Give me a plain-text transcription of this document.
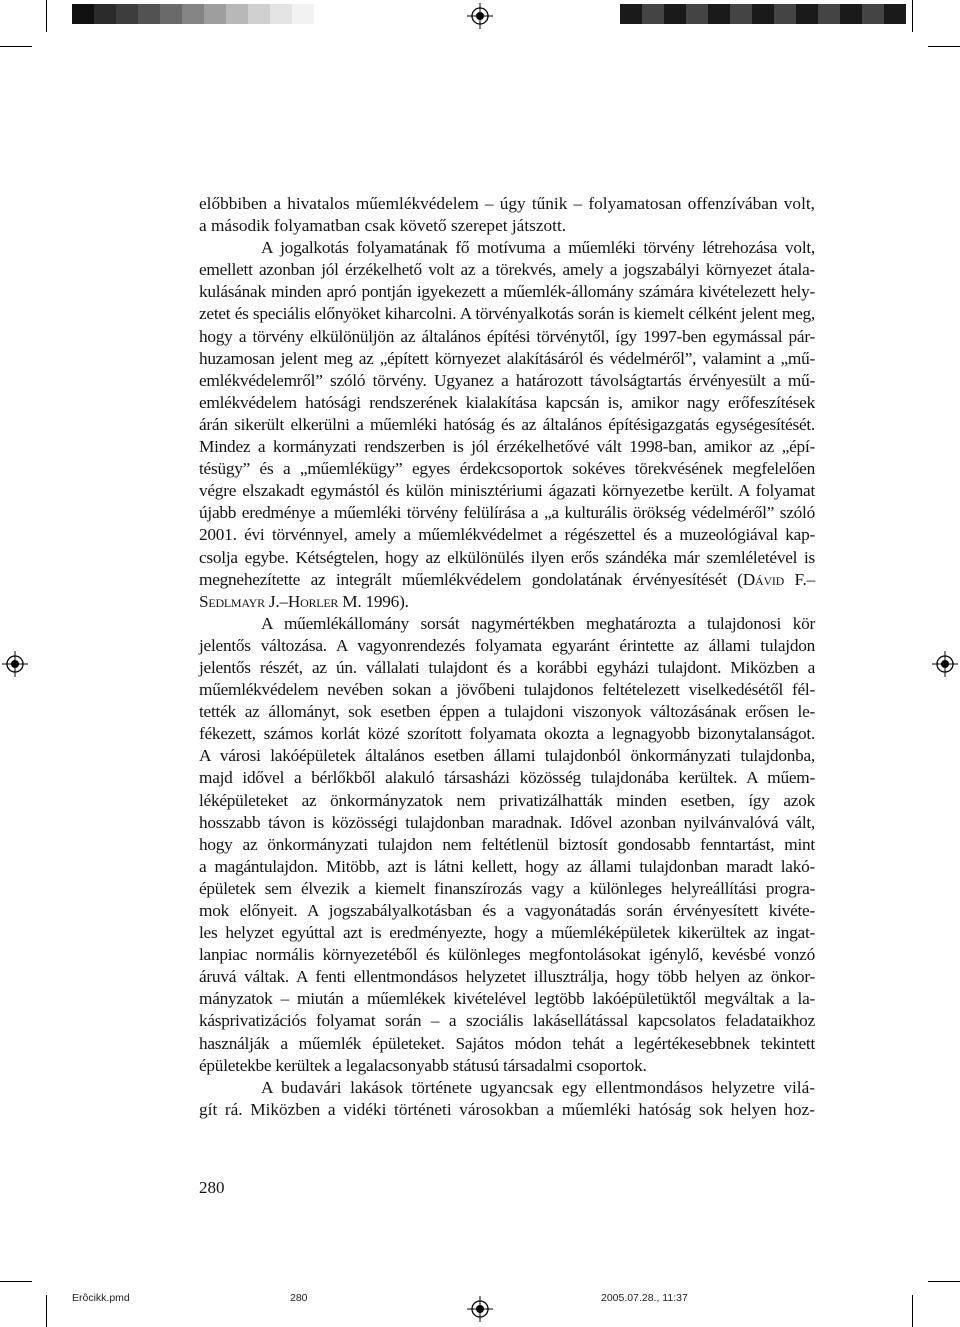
előbbiben a hivatalos műemlékvédelem – úgy tűnik – folyamatosan offenzívában volt,
a második folyamatban csak követő szerepet játszott.
A jogalkotás folyamatának fő motívuma a műemléki törvény létrehozása volt,
emellett azonban jól érzékelhető volt az a törekvés, amely a jogszabályi környezet átala-
kulásának minden apró pontján igyekezett a műemlék-állomány számára kivételezett hely-
zetet és speciális előnyöket kiharcolni. A törvényalkotás során is kiemelt célként jelent meg,
hogy a törvény elkülönüljön az általános építési törvénytől, így 1997-ben egymással pár-
huzamosan jelent meg az „épített környezet alakításáról és védelméről”, valamint a „mű-
emlékvédelemről” szóló törvény. Ugyanez a határozott távolságtartás érvényesült a mű-
emlékvédelem hatósági rendszerének kialakítása kapcsán is, amikor nagy erőfeszítések
árán sikerült elkerülni a műemléki hatóság és az általános építésigazgatás egységesítését.
Mindez a kormányzati rendszerben is jól érzékelhetővé vált 1998-ban, amikor az „épí-
tésügy” és a „műemlékügy” egyes érdekcsoportok sokéves törekvésének megfelelően
végre elszakadt egymástól és külön minisztériumi ágazati környezetbe került. A folyamat
újabb eredménye a műemléki törvény felülírása a „a kulturális örökség védelméről” szóló
2001. évi törvénnyel, amely a műemlékvédelmet a régészettel és a muzeológiával kap-
csolja egybe. Kétségtelen, hogy az elkülönülés ilyen erős szándéka már szemléletével is
megnehezítette az integrált műemlékvédelem gondolatának érvényesítését (Dávid F.–
Sedlmayr J.–Horler M. 1996).
A műemlékállomány sorsát nagymértékben meghatározta a tulajdonosi kör
jelentős változása. A vagyonrendezés folyamata egyaránt érintette az állami tulajdon
jelentős részét, az ún. vállalati tulajdont és a korábbi egyházi tulajdont. Miközben a
műemlékvédelem nevében sokan a jövőbeni tulajdonos feltételezett viselkedésétől fél-
tették az állományt, sok esetben éppen a tulajdoni viszonyok változásának erősen le-
fékezett, számos korlát közé szorított folyamata okozta a legnagyobb bizonytalanságot.
A városi lakóépületek általános esetben állami tulajdonból önkormányzati tulajdonba,
majd idővel a bérlőkből alakuló társasházi közösség tulajdonába kerültek. A műem-
léképületeket az önkormányzatok nem privatizálhatták minden esetben, így azok
hosszabb távon is közösségi tulajdonban maradnak. Idővel azonban nyilvánvalóvá vált,
hogy az önkormányzati tulajdon nem feltétlenül biztosít gondosabb fenntartást, mint
a magántulajdon. Mitöbb, azt is látni kellett, hogy az állami tulajdonban maradt lakó-
épületek sem élvezik a kiemelt finanszírozás vagy a különleges helyreállítási progra-
mok előnyeit. A jogszabályalkotásban és a vagyonátadás során érvényesített kivéte-
les helyzet egyúttal azt is eredményezte, hogy a műemléképületek kikerültek az ingat-
lanpiac normális környezetéből és különleges megfontolásokat igénylő, kevésbé vonzó
áruvá váltak. A fenti ellentmondásos helyzetet illusztrálja, hogy több helyen az önkor-
mányzatok – miután a műemlékek kivételével legtöbb lakóépületüktől megváltak a la-
kásprivatizációs folyamat során – a szociális lakásellátással kapcsolatos feladataikhoz
használják a műemlék épületeket. Sajátos módon tehát a legértékesebbnek tekintett
épületekbe kerültek a legalacsonyabb státusú társadalmi csoportok.
A budavári lakások története ugyancsak egy ellentmondásos helyzetre vilá-
gít rá. Miközben a vidéki történeti városokban a műemléki hatóság sok helyen hoz-
280
Erôcikk.pmd	280	2005.07.28., 11:37
